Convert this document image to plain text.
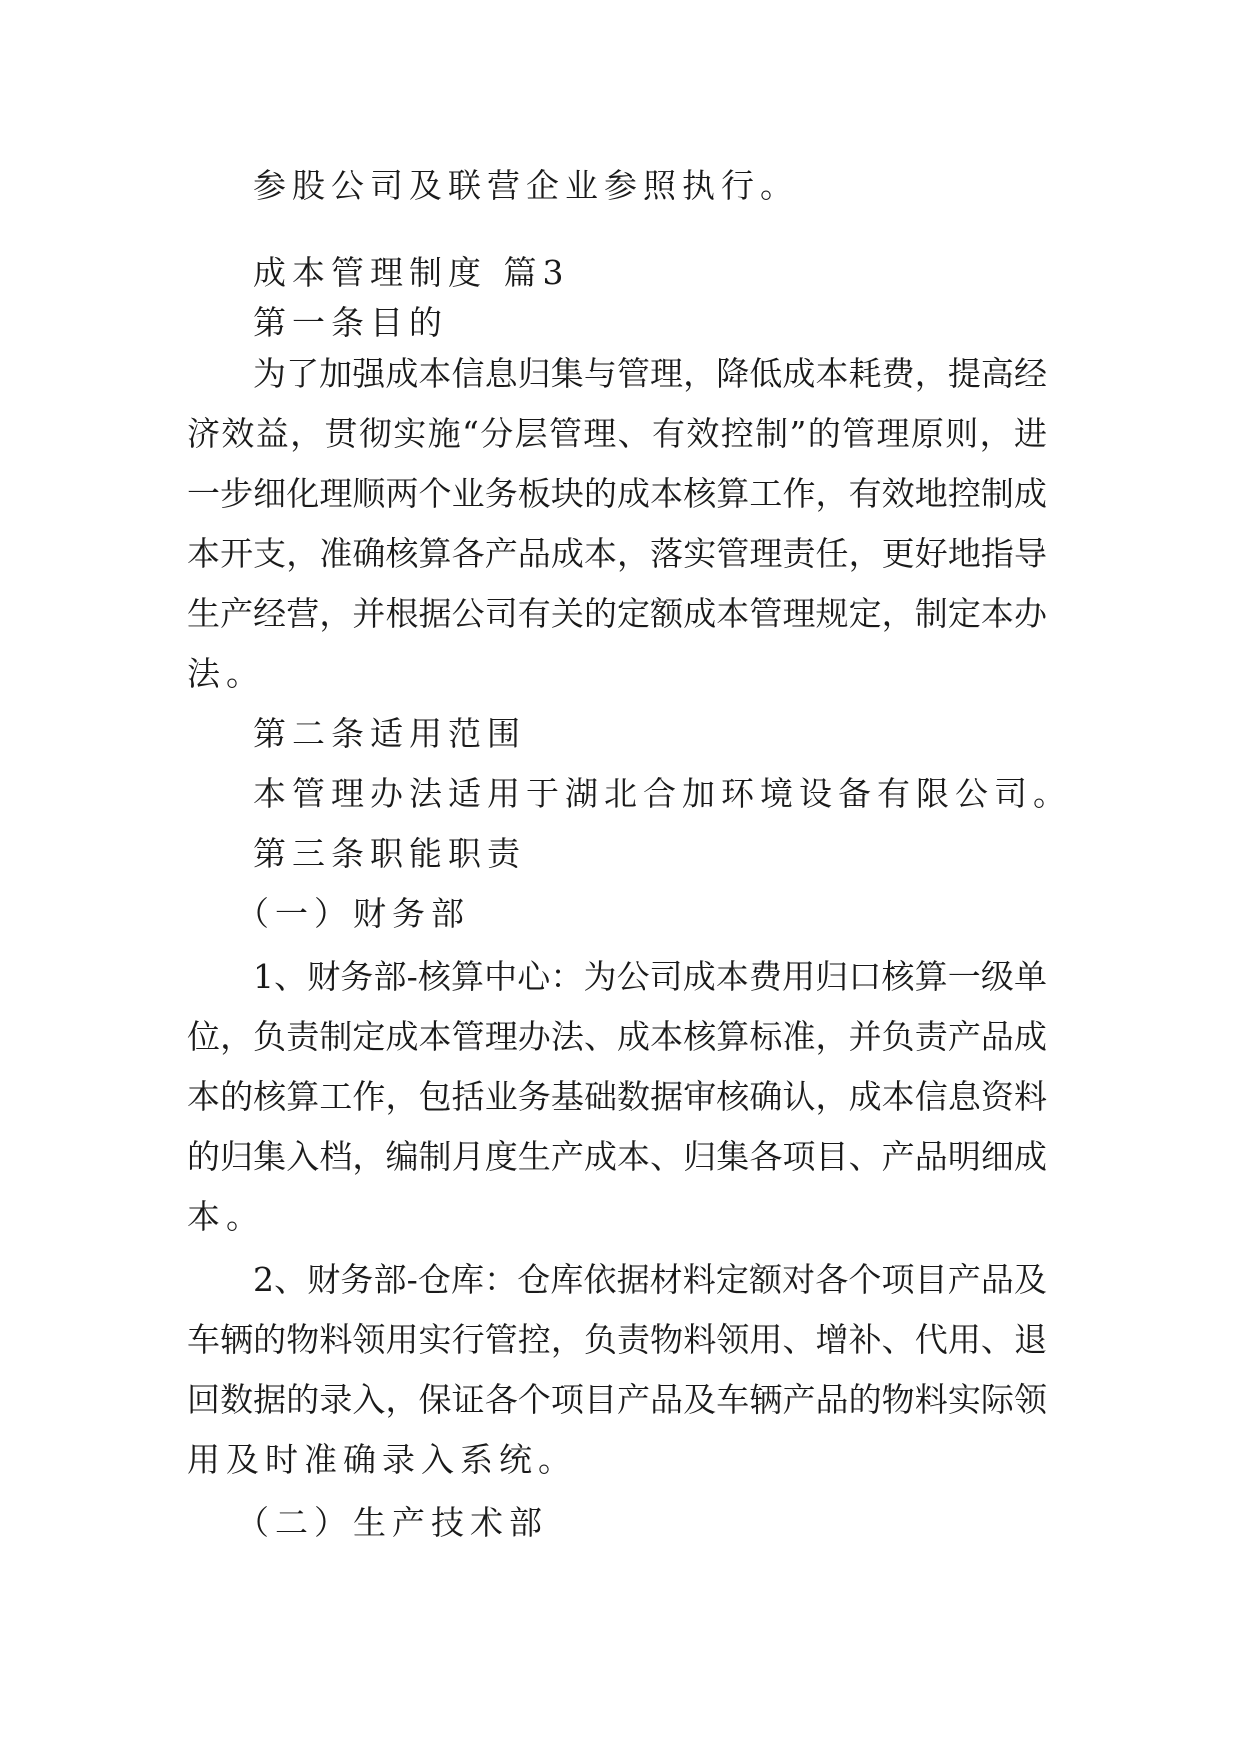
参股公司及联营企业参照执行。
成本管理制度 篇3
第一条目的
为了加强成本信息归集与管理，降低成本耗费，提高经
济效益，贯彻实施“分层管理、有效控制”的管理原则，进
一步细化理顺两个业务板块的成本核算工作，有效地控制成
本开支，准确核算各产品成本，落实管理责任，更好地指导
生产经营，并根据公司有关的定额成本管理规定，制定本办
法。
第二条适用范围
本管理办法适用于湖北合加环境设备有限公司。
第三条职能职责
（一）财务部
1、财务部-核算中心：为公司成本费用归口核算一级单
位，负责制定成本管理办法、成本核算标准，并负责产品成
本的核算工作，包括业务基础数据审核确认，成本信息资料
的归集入档，编制月度生产成本、归集各项目、产品明细成
本。
2、财务部-仓库：仓库依据材料定额对各个项目产品及
车辆的物料领用实行管控，负责物料领用、增补、代用、退
回数据的录入，保证各个项目产品及车辆产品的物料实际领
用及时准确录入系统。
（二）生产技术部
